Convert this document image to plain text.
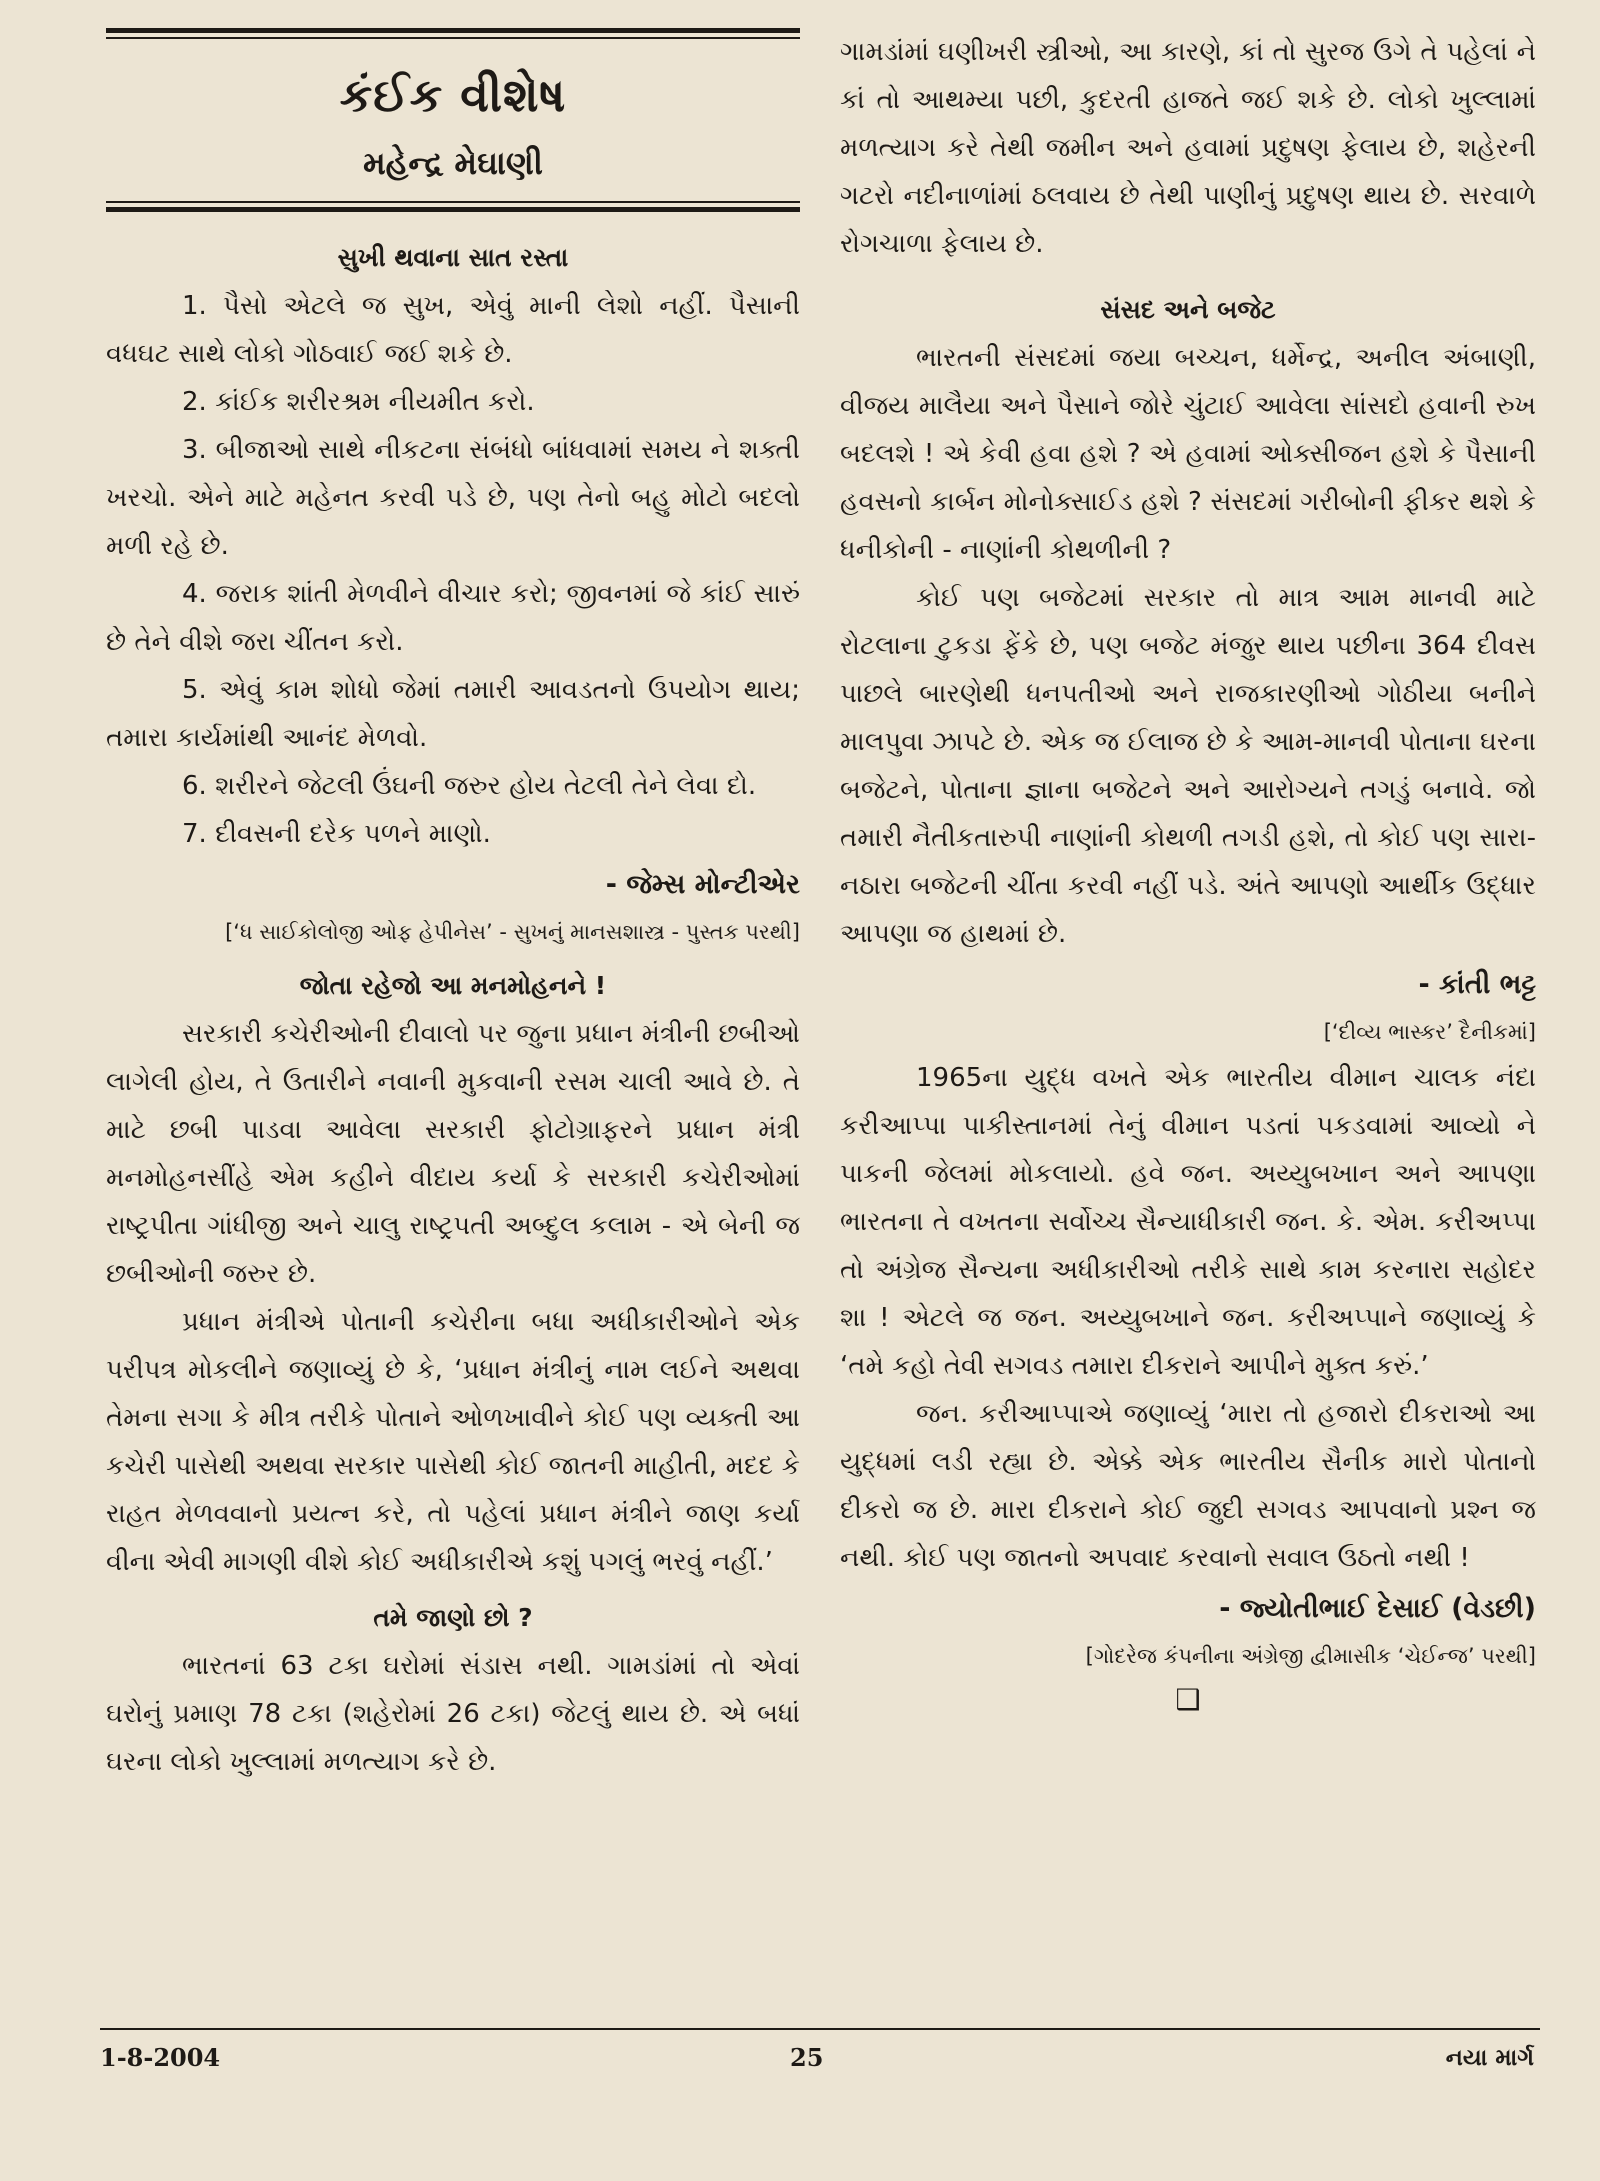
કંઈક વીશેષ
મહેન્દ્ર મેઘાણી
સુખી થવાના સાત રસ્તા

1. પૈસો એટલે જ સુખ, એવું માની લેશો નહીં. પૈસાની વધઘટ સાથે લોકો ગોઠવાઈ જઈ શકે છે.

2. કાંઈક શરીરશ્રમ નીયમીત કરો.

3. બીજાઓ સાથે નીકટના સંબંધો બાંધવામાં સમય ને શક્તી ખરચો. એને માટે મહેનત કરવી પડે છે, પણ તેનો બહુ મોટો બદલો મળી રહે છે.

4. જરાક શાંતી મેળવીને વીચાર કરો; જીવનમાં જે કાંઈ સારું છે તેને વીશે જરા ચીંતન કરો.

5. એવું કામ શોધો જેમાં તમારી આવડતનો ઉપયોગ થાય; તમારા કાર્યમાંથી આનંદ મેળવો.

6. શરીરને જેટલી ઉંઘની જરુર હોય તેટલી તેને લેવા દો.

7. દીવસની દરેક પળને માણો.

- જેમ્સ મોન્ટીએર

[‘ધ સાઈકોલોજી ઓફ હેપીનેસ’ - સુખનું માનસશાસ્ત્ર - પુસ્તક પરથી]

જોતા રહેજો આ મનમોહનને !

સરકારી કચેરીઓની દીવાલો પર જુના પ્રધાન મંત્રીની છબીઓ લાગેલી હોય, તે ઉતારીને નવાની મુકવાની રસમ ચાલી આવે છે. તે માટે છબી પાડવા આવેલા સરકારી ફોટોગ્રાફરને પ્રધાન મંત્રી મનમોહનસીંહે એમ કહીને વીદાય કર્યા કે સરકારી કચેરીઓમાં રાષ્ટ્રપીતા ગાંધીજી અને ચાલુ રાષ્ટ્રપતી અબ્દુલ કલામ - એ બેની જ છબીઓની જરુર છે.

પ્રધાન મંત્રીએ પોતાની કચેરીના બધા અધીકારીઓને એક પરીપત્ર મોકલીને જણાવ્યું છે કે, ‘પ્રધાન મંત્રીનું નામ લઈને અથવા તેમના સગા કે મીત્ર તરીકે પોતાને ઓળખાવીને કોઈ પણ વ્યક્તી આ કચેરી પાસેથી અથવા સરકાર પાસેથી કોઈ જાતની માહીતી, મદદ કે રાહત મેળવવાનો પ્રયત્ન કરે, તો પહેલાં પ્રધાન મંત્રીને જાણ કર્યા વીના એવી માગણી વીશે કોઈ અધીકારીએ કશું પગલું ભરવું નહીં.’

તમે જાણો છો ?

ભારતનાં 63 ટકા ઘરોમાં સંડાસ નથી. ગામડાંમાં તો એવાં ઘરોનું પ્રમાણ 78 ટકા (શહેરોમાં 26 ટકા) જેટલું થાય છે. એ બધાં ઘરના લોકો ખુલ્લામાં મળત્યાગ કરે છે.

ગામડાંમાં ઘણીખરી સ્ત્રીઓ, આ કારણે, કાં તો સુરજ ઉગે તે પહેલાં ને કાં તો આથમ્યા પછી, કુદરતી હાજતે જઈ શકે છે. લોકો ખુલ્લામાં મળત્યાગ કરે તેથી જમીન અને હવામાં પ્રદુષણ ફેલાય છે, શહેરની ગટરો નદીનાળાંમાં ઠલવાય છે તેથી પાણીનું પ્રદુષણ થાય છે. સરવાળે રોગચાળા ફેલાય છે.

સંસદ અને બજેટ

ભારતની સંસદમાં જયા બચ્ચન, ધર્મેન્દ્ર, અનીલ અંબાણી, વીજય માલૈયા અને પૈસાને જોરે ચુંટાઈ આવેલા સાંસદો હવાની રુખ બદલશે ! એ કેવી હવા હશે ? એ હવામાં ઓક્સીજન હશે કે પૈસાની હવસનો કાર્બન મોનોક્સાઈડ હશે ? સંસદમાં ગરીબોની ફીકર થશે કે ધનીકોની - નાણાંની કોથળીની ?

કોઈ પણ બજેટમાં સરકાર તો માત્ર આમ માનવી માટે રોટલાના ટુકડા ફેંકે છે, પણ બજેટ મંજુર થાય પછીના 364 દીવસ પાછલે બારણેથી ધનપતીઓ અને રાજકારણીઓ ગોઠીયા બનીને માલપુવા ઝાપટે છે. એક જ ઈલાજ છે કે આમ-માનવી પોતાના ઘરના બજેટને, પોતાના જ્ઞાના બજેટને અને આરોગ્યને તગડું બનાવે. જો તમારી નૈતીકતારુપી નાણાંની કોથળી તગડી હશે, તો કોઈ પણ સારા-નઠારા બજેટની ચીંતા કરવી નહીં પડે. અંતે આપણો આર્થીક ઉદ્ધાર આપણા જ હાથમાં છે.

- કાંતી ભટ્ટ

[‘દીવ્ય ભાસ્કર’ દૈનીકમાં]

1965ના યુદ્ધ વખતે એક ભારતીય વીમાન ચાલક નંદા કરીઆપ્પા પાકીસ્તાનમાં તેનું વીમાન પડતાં પકડવામાં આવ્યો ને પાકની જેલમાં મોકલાયો. હવે જન. અય્યુબખાન અને આપણા ભારતના તે વખતના સર્વોચ્ચ સૈન્યાધીકારી જન. કે. એમ. કરીઅપ્પા તો અંગ્રેજ સૈન્યના અધીકારીઓ તરીકે સાથે કામ કરનારા સહોદર શા ! એટલે જ જન. અય્યુબખાને જન. કરીઅપ્પાને જણાવ્યું કે ‘તમે કહો તેવી સગવડ તમારા દીકરાને આપીને મુક્ત કરું.’

જન. કરીઆપ્પાએ જણાવ્યું ‘મારા તો હજારો દીકરાઓ આ યુદ્ધમાં લડી રહ્યા છે. એક્કે એક ભારતીય સૈનીક મારો પોતાનો દીકરો જ છે. મારા દીકરાને કોઈ જુદી સગવડ આપવાનો પ્રશ્ન જ નથી. કોઈ પણ જાતનો અપવાદ કરવાનો સવાલ ઉઠતો નથી !

- જ્યોતીભાઈ દેસાઈ (વેડછી)

[ગોદરેજ કંપનીના અંગ્રેજી દ્વીમાસીક ‘ચેઈન્જ’ પરથી]

❑
1-8-2004	25	નયા માર્ગ
